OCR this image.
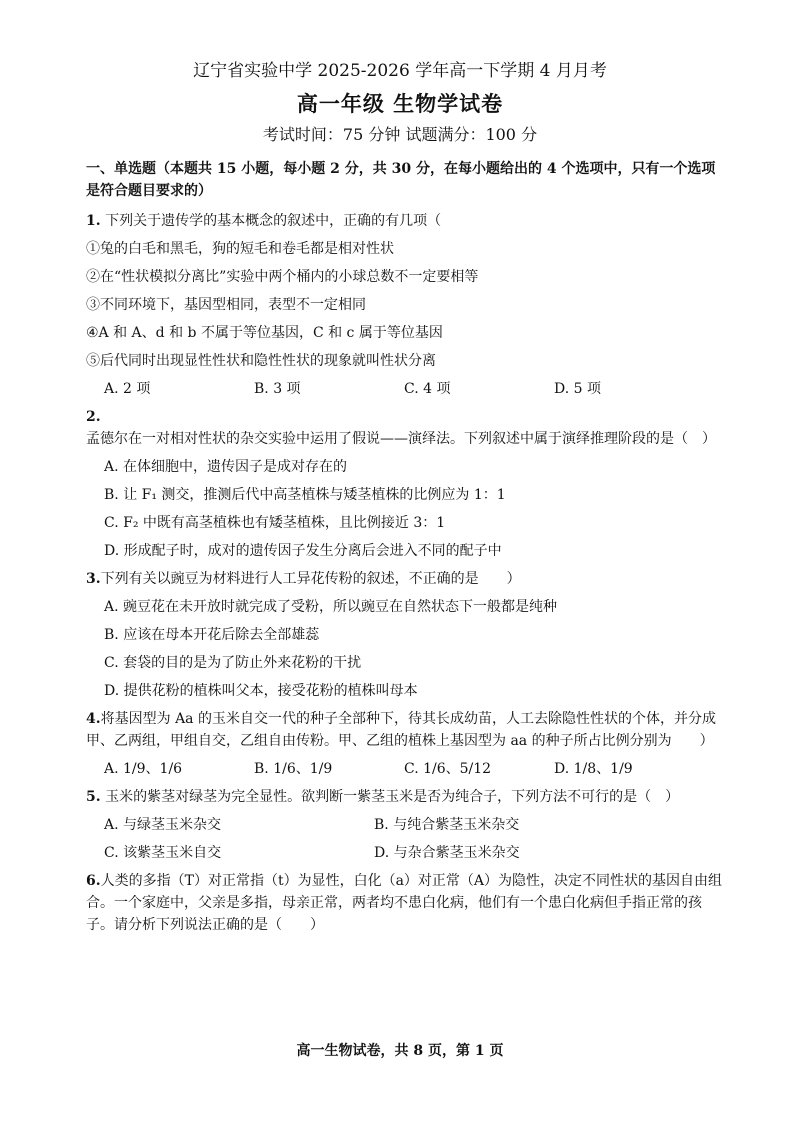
辽宁省实验中学 2025-2026 学年高一下学期 4 月月考
高一年级 生物学试卷
考试时间：75 分钟 试题满分：100 分
一、单选题（本题共 15 小题，每小题 2 分，共 30 分，在每小题给出的 4 个选项中，只有一个选项是符合题目要求的）
1. 下列关于遗传学的基本概念的叙述中，正确的有几项（
①兔的白毛和黑毛，狗的短毛和卷毛都是相对性状
②在“性状模拟分离比”实验中两个桶内的小球总数不一定要相等
③不同环境下，基因型相同，表型不一定相同
④A 和 A、d 和 b 不属于等位基因，C 和 c 属于等位基因
⑤后代同时出现显性性状和隐性性状的现象就叫性状分离
A. 2 项	B. 3 项	C. 4 项	D. 5 项
2.孟德尔在一对相对性状的杂交实验中运用了假说——演绎法。下列叙述中属于演绎推理阶段的是（　）
A. 在体细胞中，遗传因子是成对存在的
B. 让 F₁ 测交，推测后代中高茎植株与矮茎植株的比例应为 1：1
C. F₂ 中既有高茎植株也有矮茎植株，且比例接近 3：1
D. 形成配子时，成对的遗传因子发生分离后会进入不同的配子中
3.下列有关以豌豆为材料进行人工异花传粉的叙述，不正确的是　　）
A. 豌豆花在未开放时就完成了受粉，所以豌豆在自然状态下一般都是纯种
B. 应该在母本开花后除去全部雄蕊
C. 套袋的目的是为了防止外来花粉的干扰
D. 提供花粉的植株叫父本，接受花粉的植株叫母本
4.将基因型为 Aa 的玉米自交一代的种子全部种下，待其长成幼苗，人工去除隐性性状的个体，并分成甲、乙两组，甲组自交，乙组自由传粉。甲、乙组的植株上基因型为 aa 的种子所占比例分别为　　）
A. 1/9、1/6	B. 1/6、1/9	C. 1/6、5/12	D. 1/8、1/9
5. 玉米的紫茎对绿茎为完全显性。欲判断一紫茎玉米是否为纯合子，下列方法不可行的是（　）
A. 与绿茎玉米杂交	B. 与纯合紫茎玉米杂交
C. 该紫茎玉米自交	D. 与杂合紫茎玉米杂交
6.人类的多指（T）对正常指（t）为显性，白化（a）对正常（A）为隐性，决定不同性状的基因自由组合。一个家庭中，父亲是多指，母亲正常，两者均不患白化病，他们有一个患白化病但手指正常的孩子。请分析下列说法正确的是（　　）
高一生物试卷，共 8 页，第 1 页
